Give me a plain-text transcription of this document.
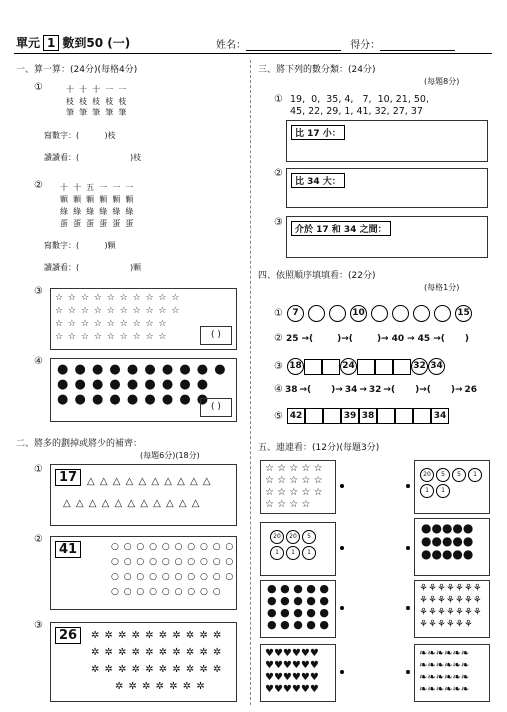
單元 1 數到50 (一)	姓名：	得分：
一、算一算：(24分)(每格4分)
①	十  十  十  一  一
枝  枝  枝  枝  枝
筆  筆  筆  筆  筆
寫數字：(          )枝
讀讀看：(                    )枝
② 十  十  五  一  一  一
顆  顆  顆  顆  顆  顆
綠  綠  綠  綠  綠  綠
蛋  蛋  蛋  蛋  蛋  蛋
寫數字：(          )顆
讀讀看：(                    )顆
③
☆ ☆ ☆ ☆ ☆ ☆ ☆ ☆ ☆ ☆
☆ ☆ ☆ ☆ ☆ ☆ ☆ ☆ ☆ ☆
☆ ☆ ☆ ☆ ☆ ☆ ☆ ☆ ☆
☆ ☆ ☆ ☆ ☆ ☆ ☆ ☆ ☆	( )
④
● ● ● ● ● ● ● ● ● ●
● ● ● ● ● ● ● ● ●
● ● ● ● ● ● ● ● ● ( )
二、將多的劃掉或將少的補齊：
(每題6分)(18分)
①
17 △ △ △ △ △ △ △ △ △ △
△ △ △ △ △ △ △ △ △ △ △
②
41	○ ○ ○ ○ ○ ○ ○ ○ ○ ○
○ ○ ○ ○ ○ ○ ○ ○ ○ ○
○ ○ ○ ○ ○ ○ ○ ○ ○ ○
○ ○ ○ ○ ○ ○ ○ ○ ○
③
26	✲ ✲ ✲ ✲ ✲ ✲ ✲ ✲ ✲ ✲
✲ ✲ ✲ ✲ ✲ ✲ ✲ ✲ ✲ ✲
✲ ✲ ✲ ✲ ✲ ✲ ✲ ✲ ✲ ✲
✲ ✲ ✲ ✲ ✲ ✲ ✲
三、將下列的數分類：(24分)
(每題8分)
① 19,  0,  35, 4,   7,  10, 21, 50,
45, 22, 29, 1, 41, 32, 27, 37
比 17 小：
②
比 34 大：
③
介於 17 和 34 之間：
四、依照順序填填看：(22分)
(每格1分)
①	7	10	15
② 25 →(	)→(	)→ 40 → 45 →( )
③ 18	24	32 34
④ 38 →( )→ 34 → 32 →( )→( )→ 26
⑤ 42	39 38	34
五、連連看：(12分)(每題3分)
☆ ☆ ☆ ☆ ☆
☆ ☆ ☆ ☆ ☆
☆ ☆ ☆ ☆ ☆
☆ ☆ ☆ ☆
20 20 5
1 1 1
● ● ● ● ●
● ● ● ● ●
● ● ● ● ●
● ● ● ● ●
♥♥♥♥♥♥
♥♥♥♥♥♥
♥♥♥♥♥♥
♥♥♥♥♥♥
20 5 5 1
1 1
●●●●●
●●●●●
●●●●●
⚘⚘⚘⚘⚘⚘⚘
⚘⚘⚘⚘⚘⚘⚘
⚘⚘⚘⚘⚘⚘⚘
⚘⚘⚘⚘⚘⚘
❧❧❧❧❧❧
❧❧❧❧❧❧
❧❧❧❧❧❧
❧❧❧❧❧❧
